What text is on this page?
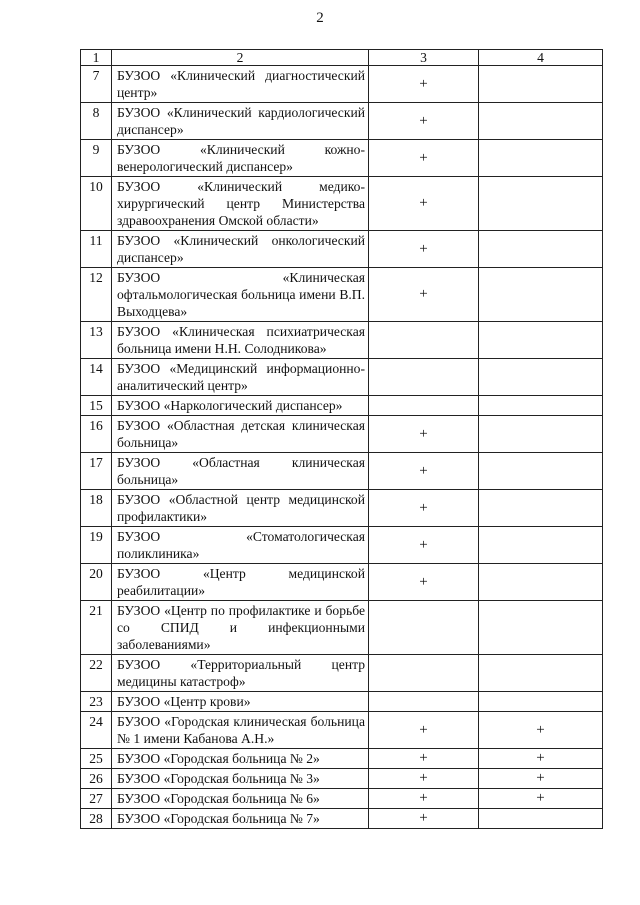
2
1	2	3	4
7	БУЗОО «Клинический диагностический центр»	+	
8	БУЗОО «Клинический кардиологический диспансер»	+	
9	БУЗОО «Клинический кожно-венерологический диспансер»	+	
10	БУЗОО «Клинический медико-хирургический центр Министерства здравоохранения Омской области»	+	
11	БУЗОО «Клинический онкологический диспансер»	+	
12	БУЗОО «Клиническая офтальмологическая больница имени В.П. Выходцева»	+	
13	БУЗОО «Клиническая психиатрическая больница имени Н.Н. Солодникова»		
14	БУЗОО «Медицинский информационно-аналитический центр»		
15	БУЗОО «Наркологический диспансер»		
16	БУЗОО «Областная детская клиническая больница»	+	
17	БУЗОО «Областная клиническая больница»	+	
18	БУЗОО «Областной центр медицинской профилактики»	+	
19	БУЗОО «Стоматологическая поликлиника»	+	
20	БУЗОО «Центр медицинской реабилитации»	+	
21	БУЗОО «Центр по профилактике и борьбе со СПИД и инфекционными заболеваниями»		
22	БУЗОО «Территориальный центр медицины катастроф»		
23	БУЗОО «Центр крови»		
24	БУЗОО «Городская клиническая больница № 1 имени Кабанова А.Н.»	+	+
25	БУЗОО «Городская больница № 2»	+	+
26	БУЗОО «Городская больница № 3»	+	+
27	БУЗОО «Городская больница № 6»	+	+
28	БУЗОО «Городская больница № 7»	+	
